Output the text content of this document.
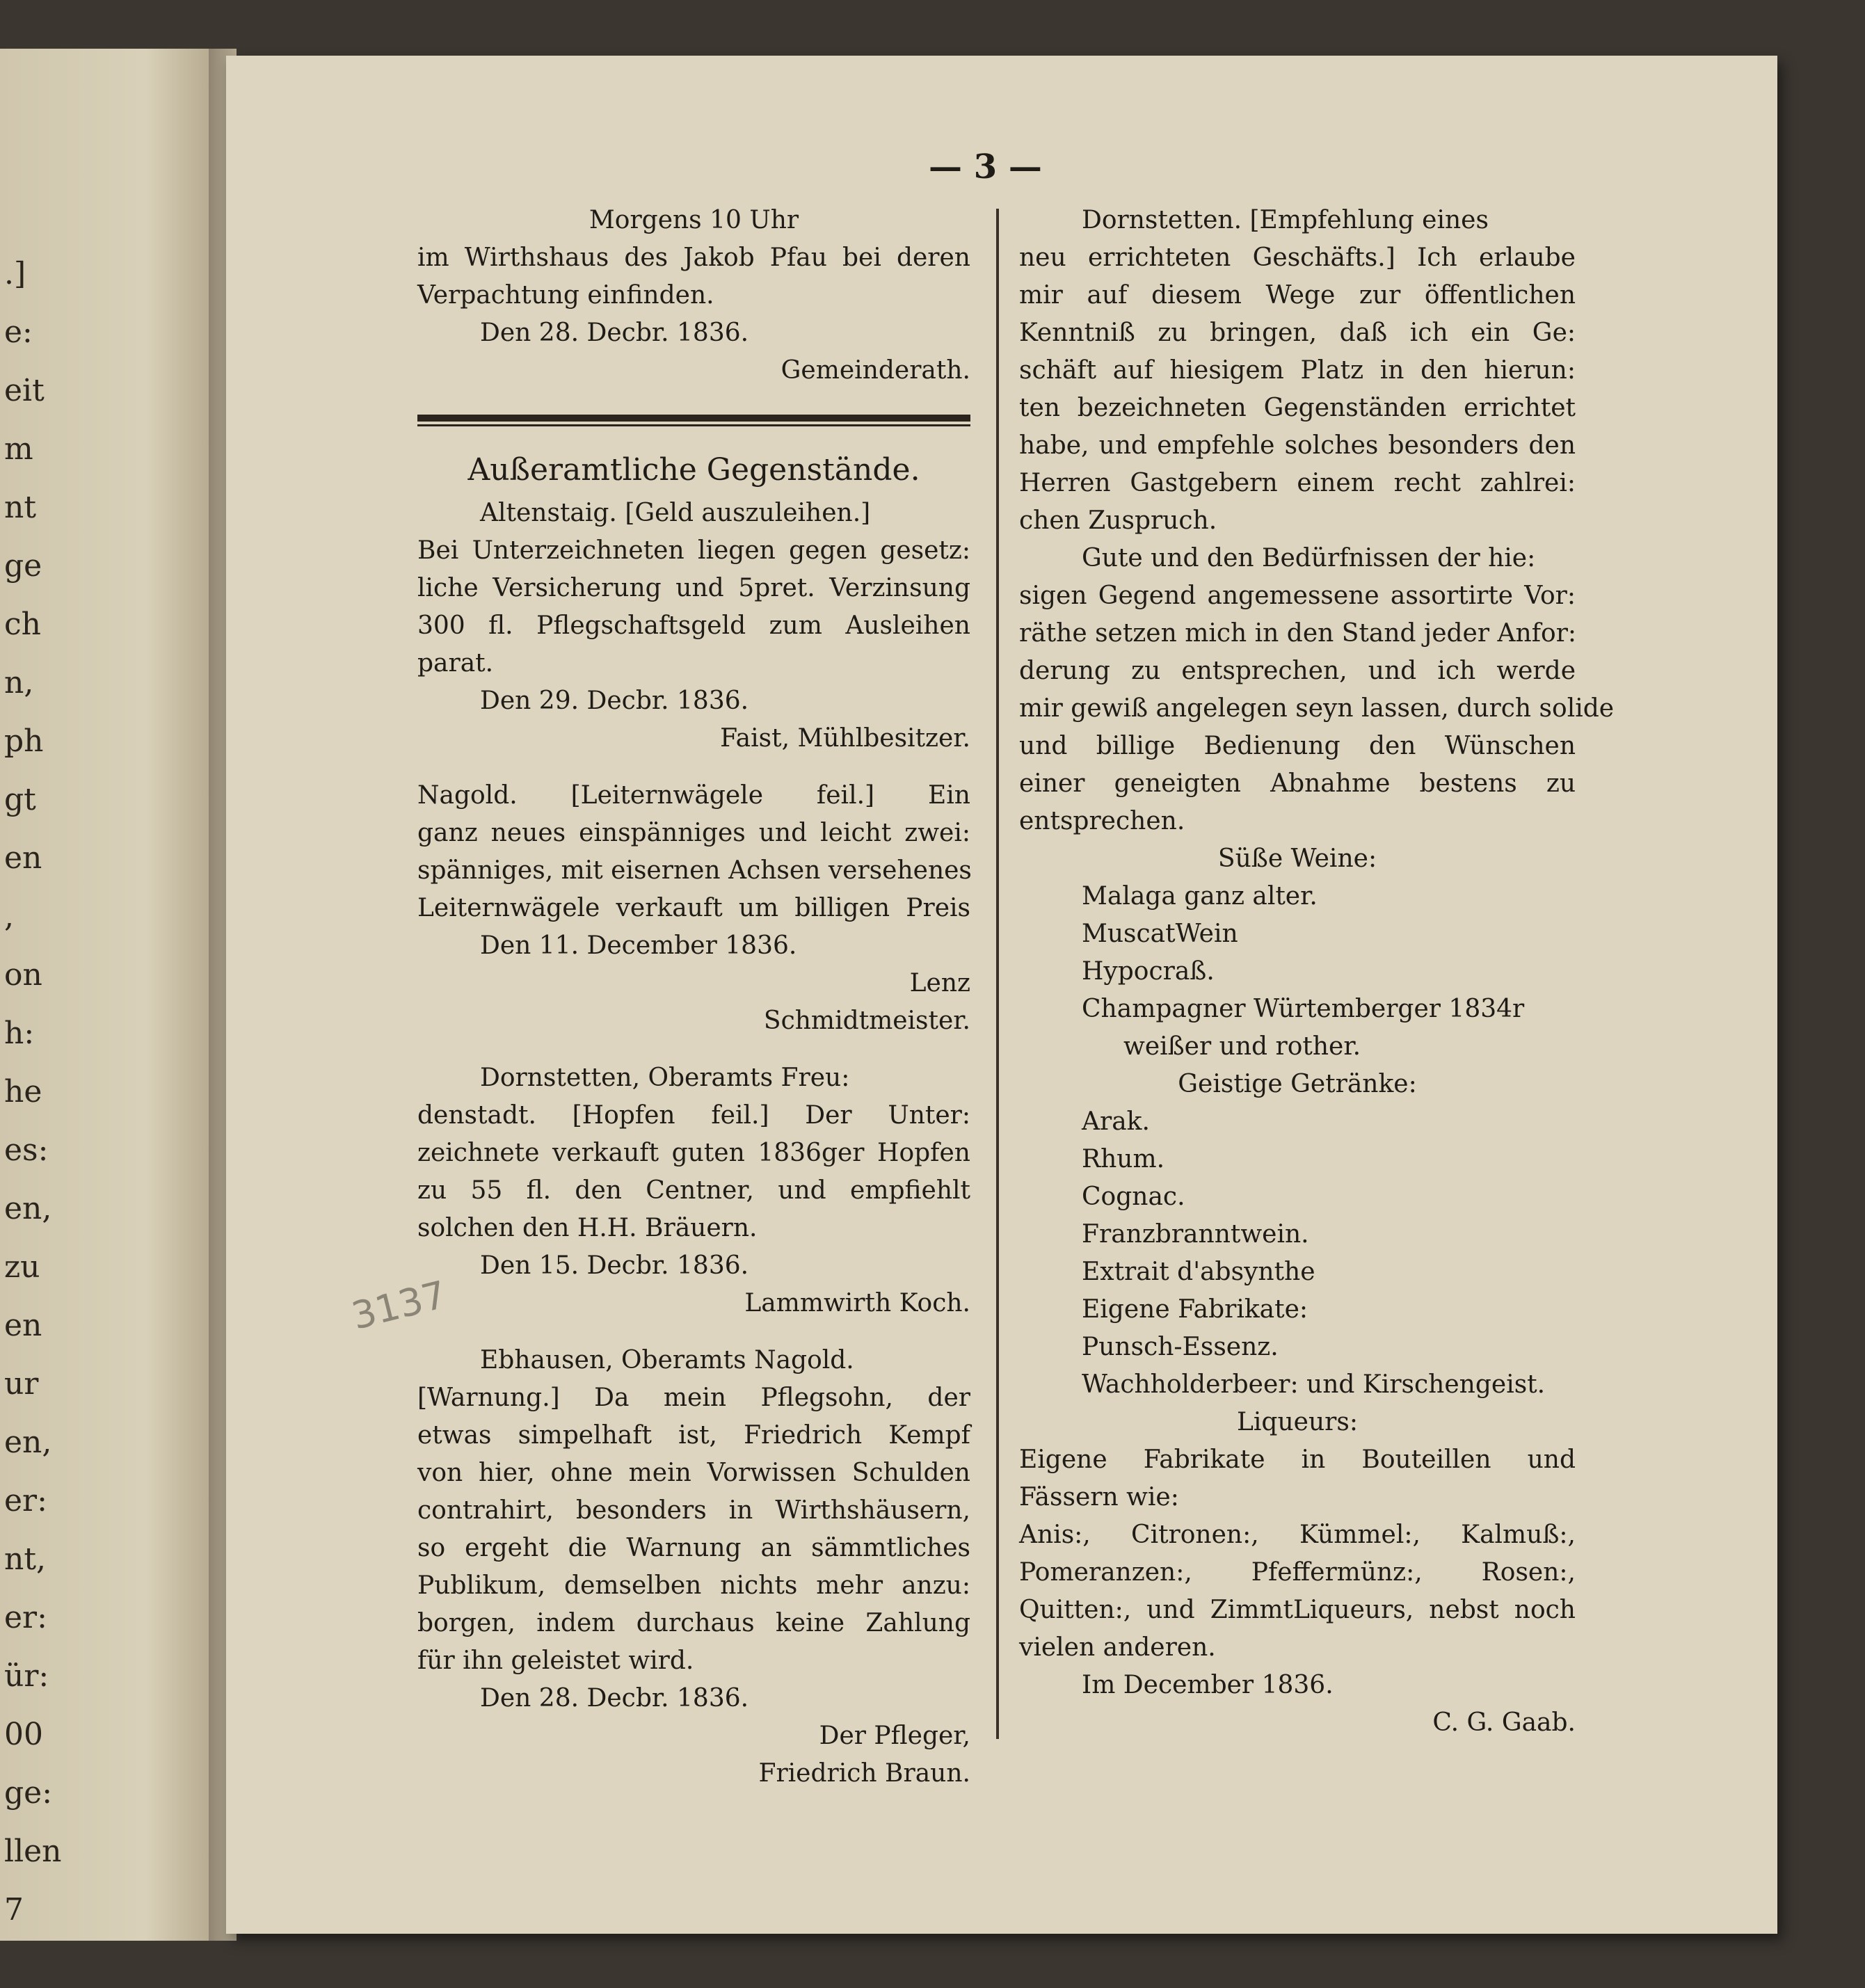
.]
e:
eit
m
nt
ge
ch
n,
ph
gt
en
,
on
h:
he
es:
en,
zu
en
ur
en,
er:
nt,
er:
ür:
00
ge:
llen
7
— 3 —
3137
Morgens 10 Uhr
im Wirthshaus des Jakob Pfau bei deren
Verpachtung einfinden.
Den 28. Decbr. 1836.
Gemeinderath.
Außeramtliche Gegenstände.
Altenstaig. [Geld auszuleihen.]
Bei Unterzeichneten liegen gegen gesetz:
liche Versicherung und 5pret. Verzinsung
300 fl. Pflegschaftsgeld zum Ausleihen
parat.
Den 29. Decbr. 1836.
Faist, Mühlbesitzer.
Nagold. [Leiternwägele feil.] Ein
ganz neues einspänniges und leicht zwei:
spänniges, mit eisernen Achsen versehenes
Leiternwägele verkauft um billigen Preis
Den 11. December 1836.
Lenz
Schmidtmeister.
Dornstetten, Oberamts Freu:
denstadt. [Hopfen feil.] Der Unter:
zeichnete verkauft guten 1836ger Hopfen
zu 55 fl. den Centner, und empfiehlt
solchen den H.H. Bräuern.
Den 15. Decbr. 1836.
Lammwirth Koch.
Ebhausen, Oberamts Nagold.
[Warnung.] Da mein Pflegsohn, der
etwas simpelhaft ist, Friedrich Kempf
von hier, ohne mein Vorwissen Schulden
contrahirt, besonders in Wirthshäusern,
so ergeht die Warnung an sämmtliches
Publikum, demselben nichts mehr anzu:
borgen, indem durchaus keine Zahlung
für ihn geleistet wird.
Den 28. Decbr. 1836.
Der Pfleger,
Friedrich Braun.
Dornstetten. [Empfehlung eines
neu errichteten Geschäfts.] Ich erlaube
mir auf diesem Wege zur öffentlichen
Kenntniß zu bringen, daß ich ein Ge:
schäft auf hiesigem Platz in den hierun:
ten bezeichneten Gegenständen errichtet
habe, und empfehle solches besonders den
Herren Gastgebern einem recht zahlrei:
chen Zuspruch.
Gute und den Bedürfnissen der hie:
sigen Gegend angemessene assortirte Vor:
räthe setzen mich in den Stand jeder Anfor:
derung zu entsprechen, und ich werde
mir gewiß angelegen seyn lassen, durch solide
und billige Bedienung den Wünschen
einer geneigten Abnahme bestens zu
entsprechen.
Süße Weine:
Malaga ganz alter.
MuscatWein
Hypocraß.
Champagner Würtemberger 1834r
weißer und rother.
Geistige Getränke:
Arak.
Rhum.
Cognac.
Franzbranntwein.
Extrait d'absynthe
Eigene Fabrikate:
Punsch-Essenz.
Wachholderbeer: und Kirschengeist.
Liqueurs:
Eigene Fabrikate in Bouteillen und
Fässern wie:
Anis:, Citronen:, Kümmel:, Kalmuß:,
Pomeranzen:, Pfeffermünz:, Rosen:,
Quitten:, und ZimmtLiqueurs, nebst noch
vielen anderen.
Im December 1836.
C. G. Gaab.
